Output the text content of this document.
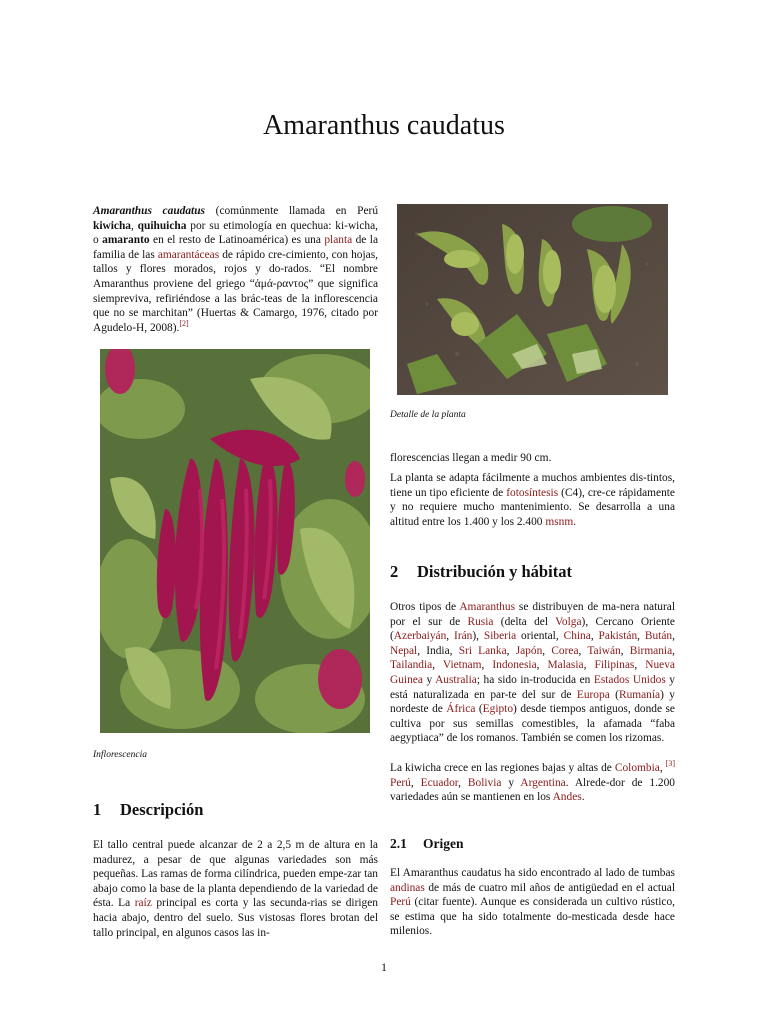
Amaranthus caudatus

Amaranthus caudatus (comúnmente llamada en Perú kiwicha, quihuicha por su etimología en quechua: ki-wicha, o amaranto en el resto de Latinoamérica) es una planta de la familia de las amarantáceas de rápido cre-cimiento, con hojas, tallos y flores morados, rojos y do-rados. “El nombre Amaranthus proviene del griego “ἀμά-ραντος” que significa siempreviva, refiriéndose a las brác-teas de la inflorescencia que no se marchitan” (Huertas & Camargo, 1976, citado por Agudelo-H, 2008).[2]

Detalle de la planta
Inflorescencia
1 Descripción

El tallo central puede alcanzar de 2 a 2,5 m de altura en la madurez, a pesar de que algunas variedades son más pequeñas. Las ramas de forma cilíndrica, pueden empe-zar tan abajo como la base de la planta dependiendo de la variedad de ésta. La raíz principal es corta y las secunda-rias se dirigen hacia abajo, dentro del suelo. Sus vistosas flores brotan del tallo principal, en algunos casos las in-

florescencias llegan a medir 90 cm.

La planta se adapta fácilmente a muchos ambientes dis-tintos, tiene un tipo eficiente de fotosíntesis (C4), cre-ce rápidamente y no requiere mucho mantenimiento. Se desarrolla a una altitud entre los 1.400 y los 2.400 msnm.

2 Distribución y hábitat

Otros tipos de Amaranthus se distribuyen de ma-nera natural por el sur de Rusia (delta del Volga), Cercano Oriente (Azerbaiyán, Irán), Siberia oriental, China, Pakistán, Bután, Nepal, India, Sri Lanka, Japón, Corea, Taiwán, Birmania, Tailandia, Vietnam, Indonesia, Malasia, Filipinas, Nueva Guinea y Australia; ha sido in-troducida en Estados Unidos y está naturalizada en par-te del sur de Europa (Rumanía) y nordeste de África (Egipto) desde tiempos antiguos, donde se cultiva por sus semillas comestibles, la afamada “faba aegyptiaca” de los romanos. También se comen los rizomas.

La kiwicha crece en las regiones bajas y altas de Colombia, [3] Perú, Ecuador, Bolivia y Argentina. Alrede-dor de 1.200 variedades aún se mantienen en los Andes.

2.1 Origen

El Amaranthus caudatus ha sido encontrado al lado de tumbas andinas de más de cuatro mil años de antigüedad en el actual Perú (citar fuente). Aunque es considerada un cultivo rústico, se estima que ha sido totalmente do-mesticada desde hace milenios.

1
